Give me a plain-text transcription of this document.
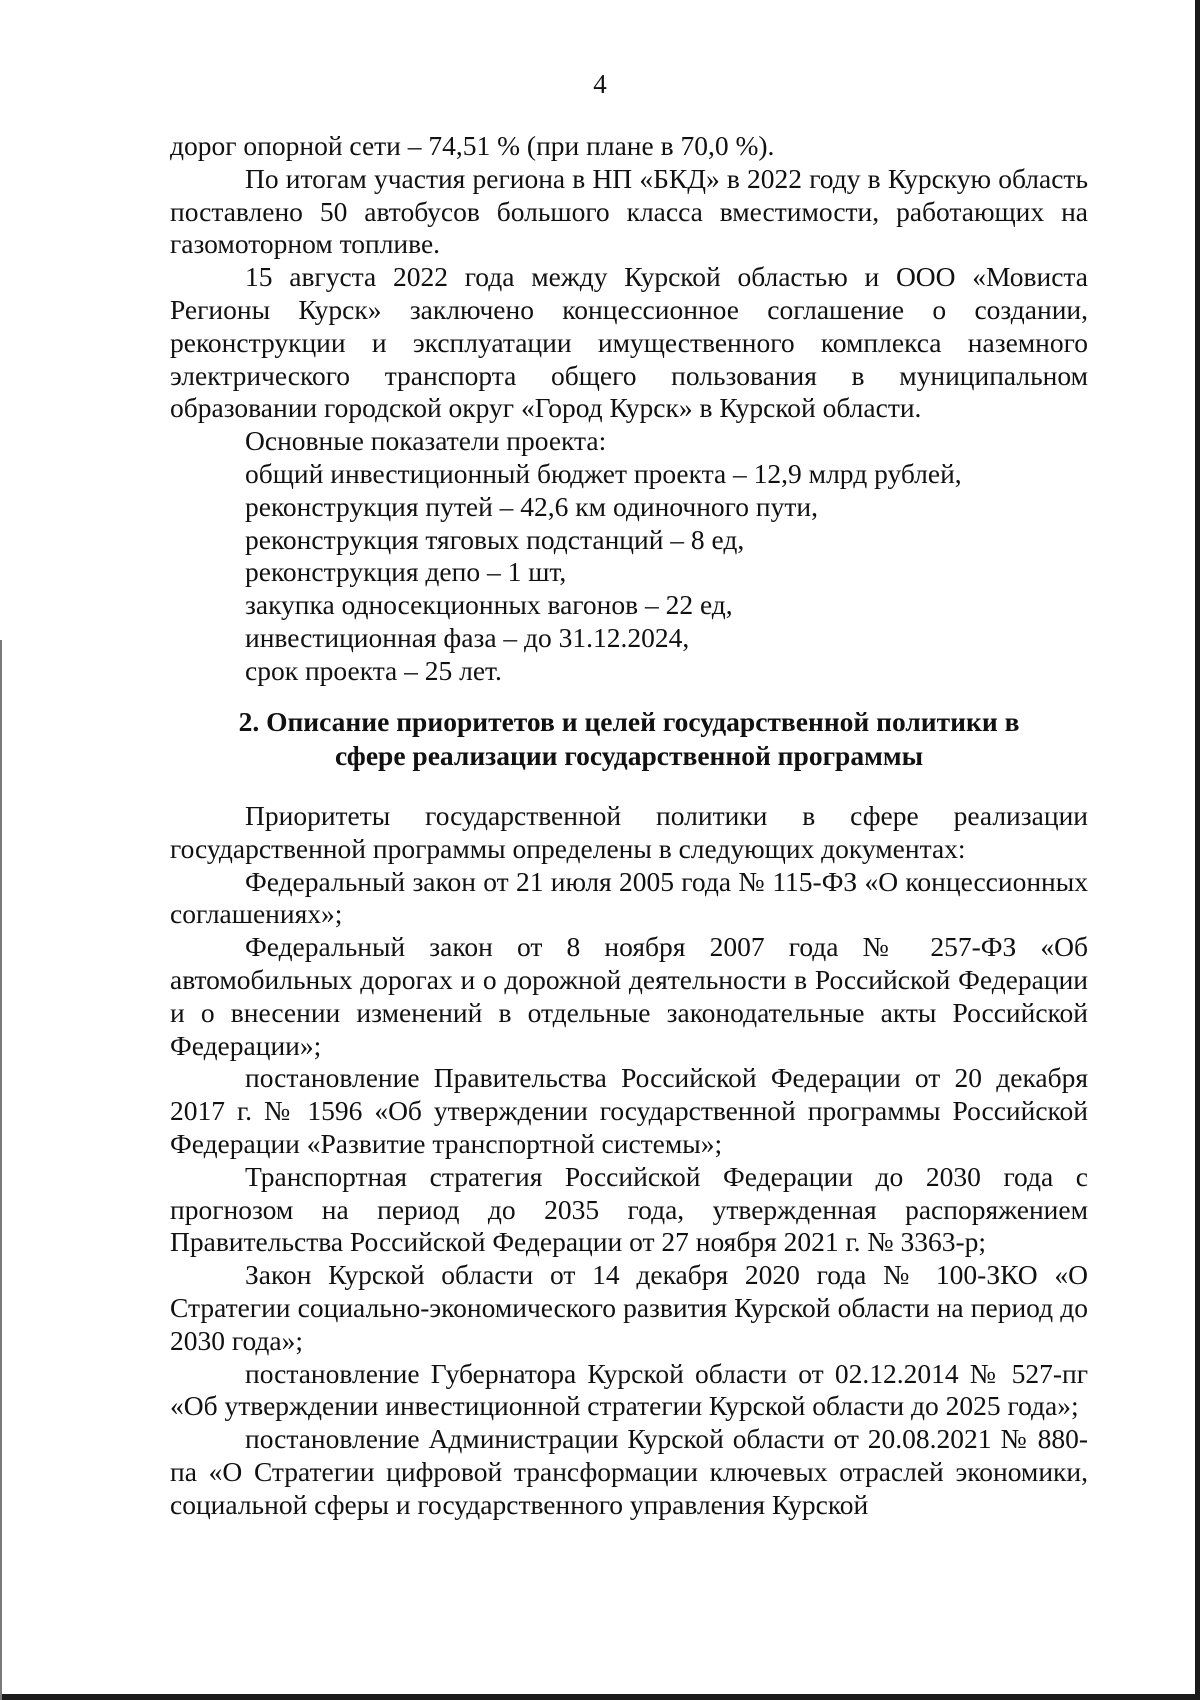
4

дорог опорной сети – 74,51 % (при плане в 70,0 %).

По итогам участия региона в НП «БКД» в 2022 году в Курскую область поставлено 50 автобусов большого класса вместимости, работающих на газомоторном топливе.

15 августа 2022 года между Курской областью и ООО «Мовиста Регионы Курск» заключено концессионное соглашение о создании, реконструкции и эксплуатации имущественного комплекса наземного электрического транспорта общего пользования в муниципальном образовании городской округ «Город Курск» в Курской области.

Основные показатели проекта:

общий инвестиционный бюджет проекта – 12,9 млрд рублей,

реконструкция путей – 42,6 км одиночного пути,

реконструкция тяговых подстанций – 8 ед,

реконструкция депо – 1 шт,

закупка односекционных вагонов – 22 ед,

инвестиционная фаза – до 31.12.2024,

срок проекта – 25 лет.

2. Описание приоритетов и целей государственной политики в
сфере реализации государственной программы

Приоритеты государственной политики в сфере реализации государственной программы определены в следующих документах:

Федеральный закон от 21 июля 2005 года № 115-ФЗ «О концессионных соглашениях»;

Федеральный закон от 8 ноября 2007 года № 257-ФЗ «Об автомобильных дорогах и о дорожной деятельности в Российской Федерации и о внесении изменений в отдельные законодательные акты Российской Федерации»;

постановление Правительства Российской Федерации от 20 декабря 2017 г. № 1596 «Об утверждении государственной программы Российской Федерации «Развитие транспортной системы»;

Транспортная стратегия Российской Федерации до 2030 года с прогнозом на период до 2035 года, утвержденная распоряжением Правительства Российской Федерации от 27 ноября 2021 г. № 3363-р;

Закон Курской области от 14 декабря 2020 года № 100-ЗКО «О Стратегии социально-экономического развития Курской области на период до 2030 года»;

постановление Губернатора Курской области от 02.12.2014 № 527-пг «Об утверждении инвестиционной стратегии Курской области до 2025 года»;

постановление Администрации Курской области от 20.08.2021 № 880-па «О Стратегии цифровой трансформации ключевых отраслей экономики, социальной сферы и государственного управления Курской
